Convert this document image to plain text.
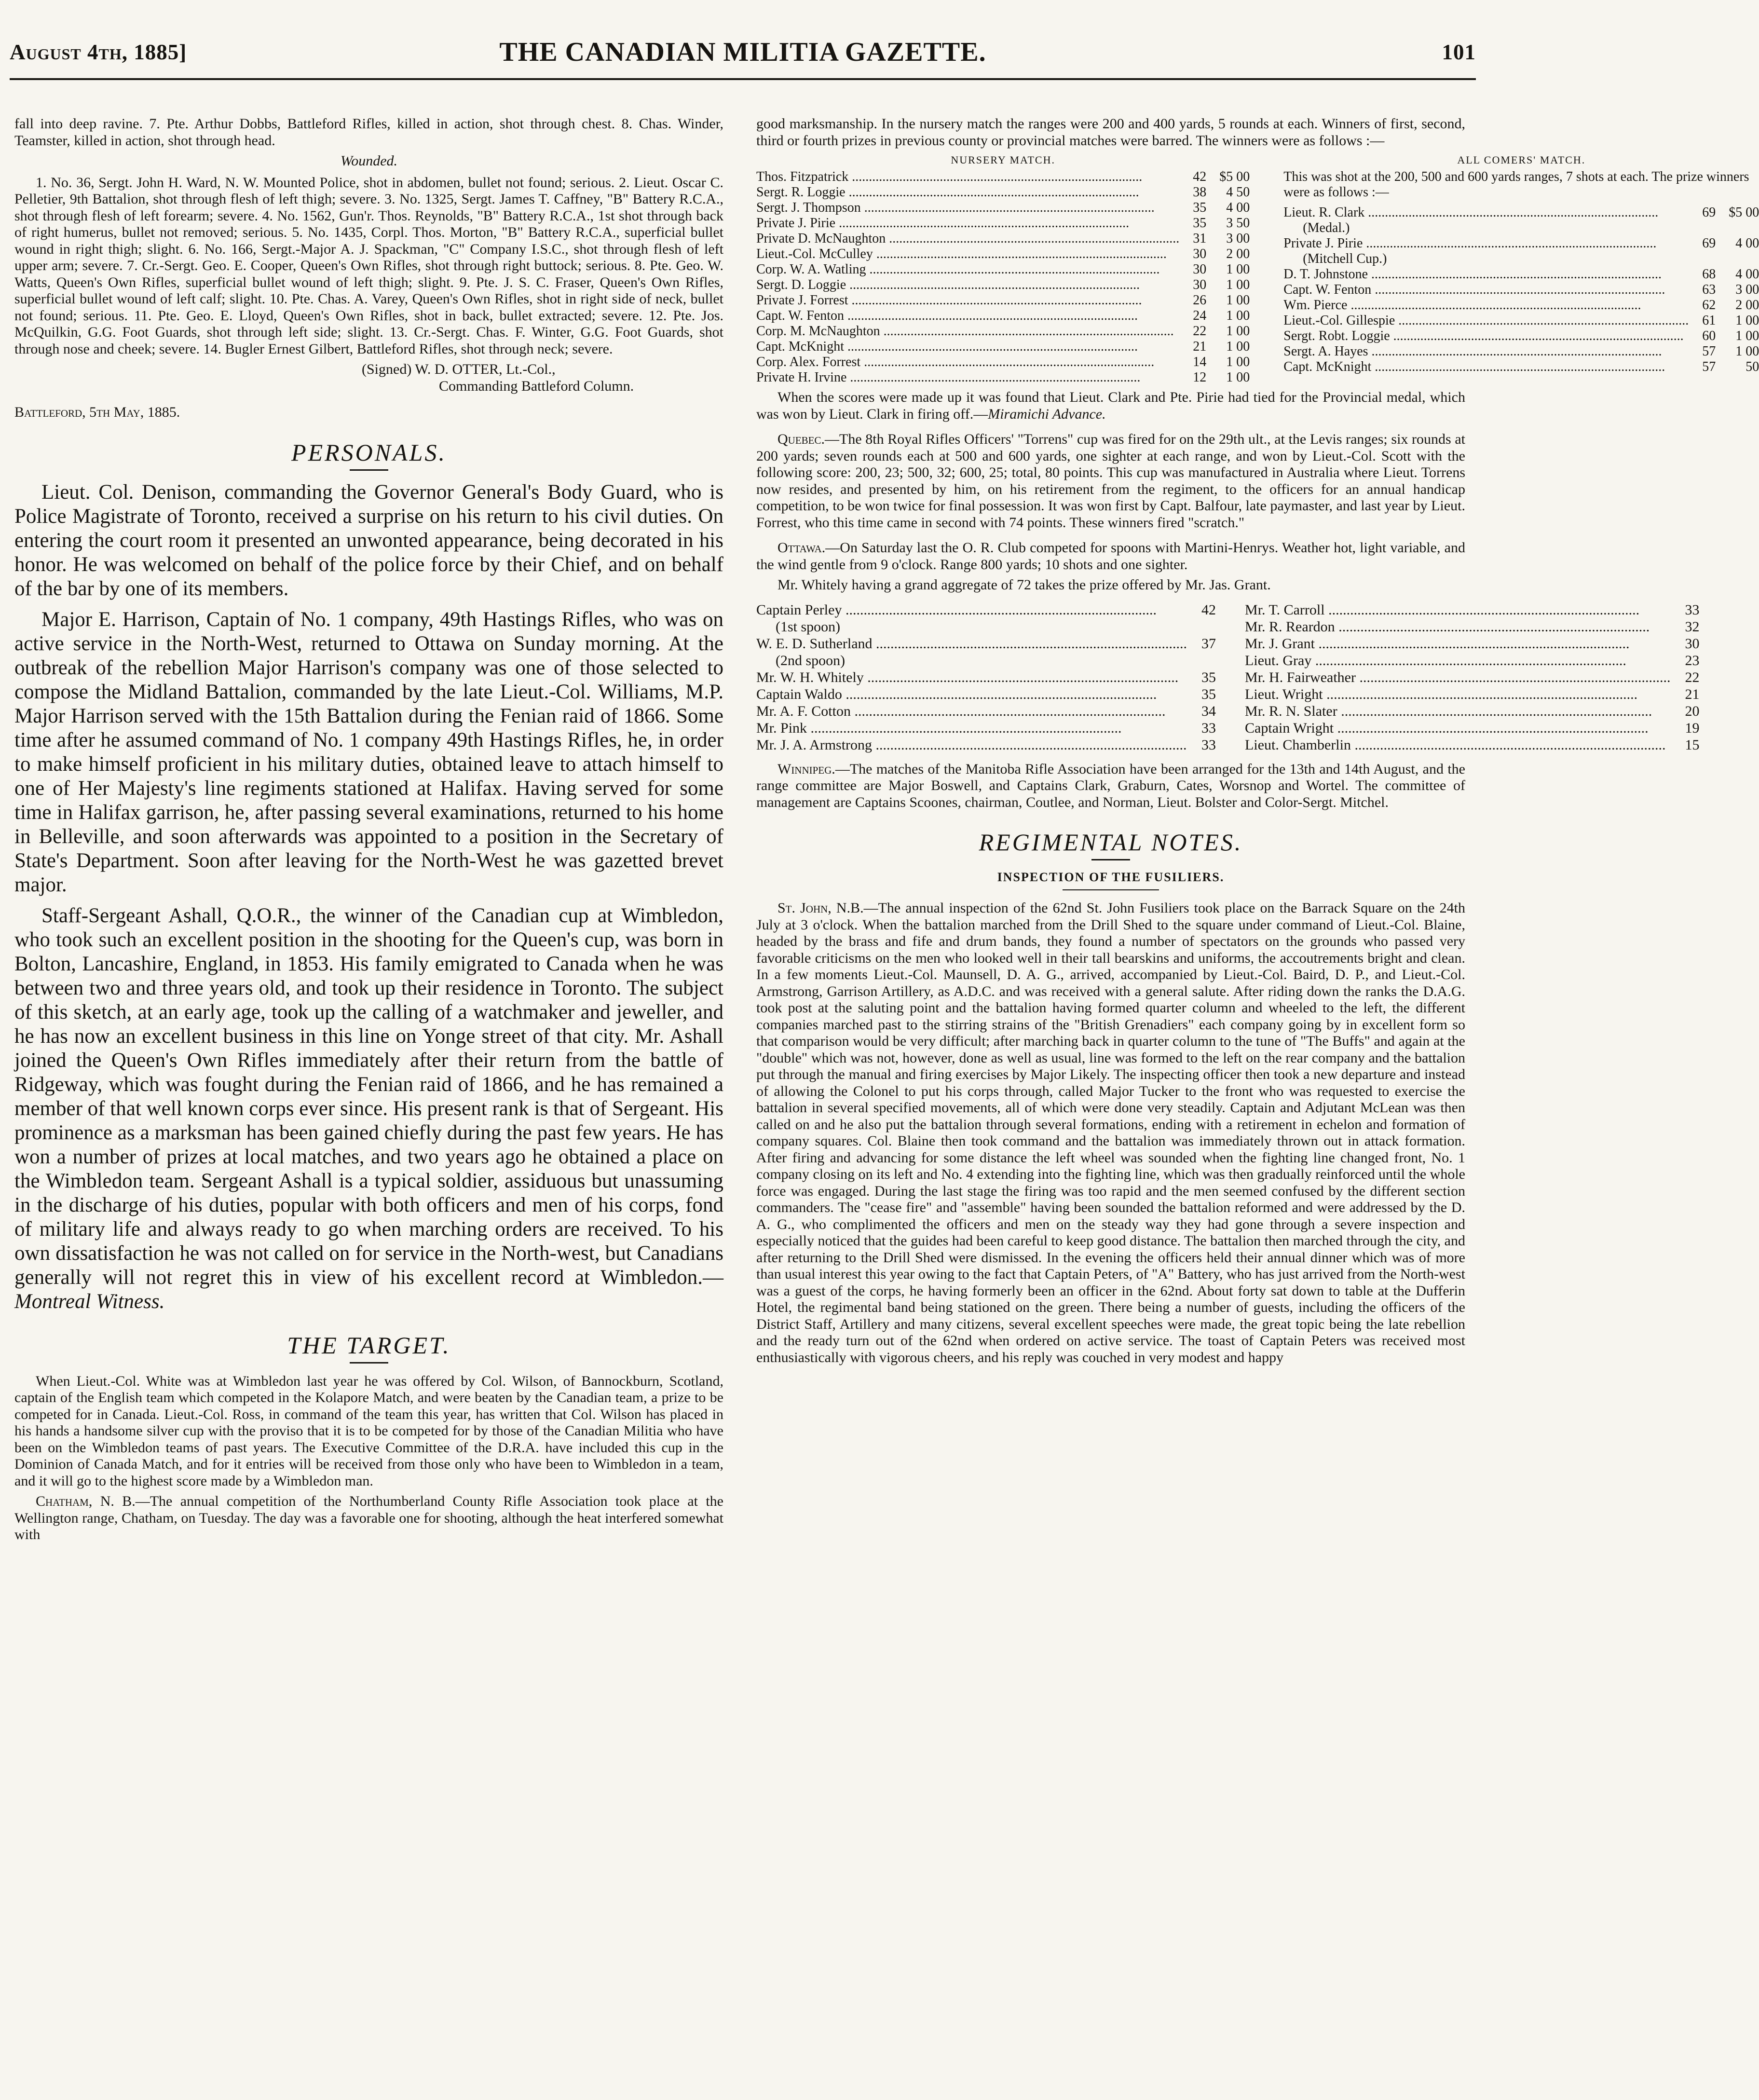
August 4th, 1885]	THE CANADIAN MILITIA GAZETTE.	101

fall into deep ravine. 7. Pte. Arthur Dobbs, Battleford Rifles, killed in action, shot through chest. 8. Chas. Winder, Teamster, killed in action, shot through head.

Wounded.

1. No. 36, Sergt. John H. Ward, N. W. Mounted Police, shot in abdomen, bullet not found; serious. 2. Lieut. Oscar C. Pelletier, 9th Battalion, shot through flesh of left thigh; severe. 3. No. 1325, Sergt. James T. Caffney, "B" Battery R.C.A., shot through flesh of left forearm; severe. 4. No. 1562, Gun'r. Thos. Reynolds, "B" Battery R.C.A., 1st shot through back of right humerus, bullet not removed; serious. 5. No. 1435, Corpl. Thos. Morton, "B" Battery R.C.A., superficial bullet wound in right thigh; slight. 6. No. 166, Sergt.-Major A. J. Spackman, "C" Company I.S.C., shot through flesh of left upper arm; severe. 7. Cr.-Sergt. Geo. E. Cooper, Queen's Own Rifles, shot through right buttock; serious. 8. Pte. Geo. W. Watts, Queen's Own Rifles, superficial bullet wound of left thigh; slight. 9. Pte. J. S. C. Fraser, Queen's Own Rifles, superficial bullet wound of left calf; slight. 10. Pte. Chas. A. Varey, Queen's Own Rifles, shot in right side of neck, bullet not found; serious. 11. Pte. Geo. E. Lloyd, Queen's Own Rifles, shot in back, bullet extracted; severe. 12. Pte. Jos. McQuilkin, G.G. Foot Guards, shot through left side; slight. 13. Cr.-Sergt. Chas. F. Winter, G.G. Foot Guards, shot through nose and cheek; severe. 14. Bugler Ernest Gilbert, Battleford Rifles, shot through neck; severe.

(Signed) W. D. OTTER, Lt.-Col.,
Commanding Battleford Column.
Battleford, 5th May, 1885.
PERSONALS.

Lieut. Col. Denison, commanding the Governor General's Body Guard, who is Police Magistrate of Toronto, received a surprise on his return to his civil duties. On entering the court room it presented an unwonted appearance, being decorated in his honor. He was welcomed on behalf of the police force by their Chief, and on behalf of the bar by one of its members.

Major E. Harrison, Captain of No. 1 company, 49th Hastings Rifles, who was on active service in the North-West, returned to Ottawa on Sunday morning. At the outbreak of the rebellion Major Harrison's company was one of those selected to compose the Midland Battalion, commanded by the late Lieut.-Col. Williams, M.P. Major Harrison served with the 15th Battalion during the Fenian raid of 1866. Some time after he assumed command of No. 1 company 49th Hastings Rifles, he, in order to make himself proficient in his military duties, obtained leave to attach himself to one of Her Majesty's line regiments stationed at Halifax. Having served for some time in Halifax garrison, he, after passing several examinations, returned to his home in Belleville, and soon afterwards was appointed to a position in the Secretary of State's Department. Soon after leaving for the North-West he was gazetted brevet major.

Staff-Sergeant Ashall, Q.O.R., the winner of the Canadian cup at Wimbledon, who took such an excellent position in the shooting for the Queen's cup, was born in Bolton, Lancashire, England, in 1853. His family emigrated to Canada when he was between two and three years old, and took up their residence in Toronto. The subject of this sketch, at an early age, took up the calling of a watchmaker and jeweller, and he has now an excellent business in this line on Yonge street of that city. Mr. Ashall joined the Queen's Own Rifles immediately after their return from the battle of Ridgeway, which was fought during the Fenian raid of 1866, and he has remained a member of that well known corps ever since. His present rank is that of Sergeant. His prominence as a marksman has been gained chiefly during the past few years. He has won a number of prizes at local matches, and two years ago he obtained a place on the Wimbledon team. Sergeant Ashall is a typical soldier, assiduous but unassuming in the discharge of his duties, popular with both officers and men of his corps, fond of military life and always ready to go when marching orders are received. To his own dissatisfaction he was not called on for service in the North-west, but Canadians generally will not regret this in view of his excellent record at Wimbledon.—Montreal Witness.

THE TARGET.

When Lieut.-Col. White was at Wimbledon last year he was offered by Col. Wilson, of Bannockburn, Scotland, captain of the English team which competed in the Kolapore Match, and were beaten by the Canadian team, a prize to be competed for in Canada. Lieut.-Col. Ross, in command of the team this year, has written that Col. Wilson has placed in his hands a handsome silver cup with the proviso that it is to be competed for by those of the Canadian Militia who have been on the Wimbledon teams of past years. The Executive Committee of the D.R.A. have included this cup in the Dominion of Canada Match, and for it entries will be received from those only who have been to Wimbledon in a team, and it will go to the highest score made by a Wimbledon man.

Chatham, N. B.—The annual competition of the Northumberland County Rifle Association took place at the Wellington range, Chatham, on Tuesday. The day was a favorable one for shooting, although the heat interfered somewhat with

good marksmanship. In the nursery match the ranges were 200 and 400 yards, 5 rounds at each. Winners of first, second, third or fourth prizes in previous county or provincial matches were barred. The winners were as follows :—

NURSERY MATCH.
Thos. Fitzpatrick .....	42 $5 00
Sergt. R. Loggie .....	38	4 50
Sergt. J. Thompson .....	35	4 00
Private J. Pirie .....	35	3 50
Private D. McNaughton .....	31	3 00
Lieut.-Col. McCulley .....	30	2 00
Corp. W. A. Watling .....	30	1 00
Sergt. D. Loggie .....	30	1 00
Private J. Forrest .....	26	1 00
Capt. W. Fenton .....	24	1 00
Corp. M. McNaughton .....	22	1 00
Capt. McKnight .....	21	1 00
Corp. Alex. Forrest .....	14	1 00
Private H. Irvine .....	12	1 00
ALL COMERS' MATCH.
This was shot at the 200, 500 and 600 yards ranges, 7 shots at each. The prize winners were as follows :—
Lieut. R. Clark .....	69 $5 00
(Medal.)
Private J. Pirie .....	69	4 00
(Mitchell Cup.)
D. T. Johnstone .....	68	4 00
Capt. W. Fenton .....	63	3 00
Wm. Pierce .....	62	2 00
Lieut.-Col. Gillespie .....	61	1 00
Sergt. Robt. Loggie .....	60	1 00
Sergt. A. Hayes .....	57	1 00
Capt. McKnight .....	57	50

When the scores were made up it was found that Lieut. Clark and Pte. Pirie had tied for the Provincial medal, which was won by Lieut. Clark in firing off.—Miramichi Advance.

Quebec.—The 8th Royal Rifles Officers' "Torrens" cup was fired for on the 29th ult., at the Levis ranges; six rounds at 200 yards; seven rounds each at 500 and 600 yards, one sighter at each range, and won by Lieut.-Col. Scott with the following score: 200, 23; 500, 32; 600, 25; total, 80 points. This cup was manufactured in Australia where Lieut. Torrens now resides, and presented by him, on his retirement from the regiment, to the officers for an annual handicap competition, to be won twice for final possession. It was won first by Capt. Balfour, late paymaster, and last year by Lieut. Forrest, who this time came in second with 74 points. These winners fired "scratch."

Ottawa.—On Saturday last the O. R. Club competed for spoons with Martini-Henrys. Weather hot, light variable, and the wind gentle from 9 o'clock. Range 800 yards; 10 shots and one sighter.

Mr. Whitely having a grand aggregate of 72 takes the prize offered by Mr. Jas. Grant.

Captain Perley .....	42
(1st spoon)
W. E. D. Sutherland .....	37
(2nd spoon)
Mr. W. H. Whitely .....	35
Captain Waldo .....	35
Mr. A. F. Cotton .....	34
Mr. Pink .....	33
Mr. J. A. Armstrong .....	33
Mr. T. Carroll .....	33
Mr. R. Reardon .....	32
Mr. J. Grant .....	30
Lieut. Gray .....	23
Mr. H. Fairweather .....	22
Lieut. Wright .....	21
Mr. R. N. Slater .....	20
Captain Wright .....	19
Lieut. Chamberlin .....	15

Winnipeg.—The matches of the Manitoba Rifle Association have been arranged for the 13th and 14th August, and the range committee are Major Boswell, and Captains Clark, Graburn, Cates, Worsnop and Wortel. The committee of management are Captains Scoones, chairman, Coutlee, and Norman, Lieut. Bolster and Color-Sergt. Mitchel.

REGIMENTAL NOTES.
INSPECTION OF THE FUSILIERS.

St. John, N.B.—The annual inspection of the 62nd St. John Fusiliers took place on the Barrack Square on the 24th July at 3 o'clock. When the battalion marched from the Drill Shed to the square under command of Lieut.-Col. Blaine, headed by the brass and fife and drum bands, they found a number of spectators on the grounds who passed very favorable criticisms on the men who looked well in their tall bearskins and uniforms, the accoutrements bright and clean. In a few moments Lieut.-Col. Maunsell, D. A. G., arrived, accompanied by Lieut.-Col. Baird, D. P., and Lieut.-Col. Armstrong, Garrison Artillery, as A.D.C. and was received with a general salute. After riding down the ranks the D.A.G. took post at the saluting point and the battalion having formed quarter column and wheeled to the left, the different companies marched past to the stirring strains of the "British Grenadiers" each company going by in excellent form so that comparison would be very difficult; after marching back in quarter column to the tune of "The Buffs" and again at the "double" which was not, however, done as well as usual, line was formed to the left on the rear company and the battalion put through the manual and firing exercises by Major Likely. The inspecting officer then took a new departure and instead of allowing the Colonel to put his corps through, called Major Tucker to the front who was requested to exercise the battalion in several specified movements, all of which were done very steadily. Captain and Adjutant McLean was then called on and he also put the battalion through several formations, ending with a retirement in echelon and formation of company squares. Col. Blaine then took command and the battalion was immediately thrown out in attack formation. After firing and advancing for some distance the left wheel was sounded when the fighting line changed front, No. 1 company closing on its left and No. 4 extending into the fighting line, which was then gradually reinforced until the whole force was engaged. During the last stage the firing was too rapid and the men seemed confused by the different section commanders. The "cease fire" and "assemble" having been sounded the battalion reformed and were addressed by the D. A. G., who complimented the officers and men on the steady way they had gone through a severe inspection and especially noticed that the guides had been careful to keep good distance. The battalion then marched through the city, and after returning to the Drill Shed were dismissed. In the evening the officers held their annual dinner which was of more than usual interest this year owing to the fact that Captain Peters, of "A" Battery, who has just arrived from the North-west was a guest of the corps, he having formerly been an officer in the 62nd. About forty sat down to table at the Dufferin Hotel, the regimental band being stationed on the green. There being a number of guests, including the officers of the District Staff, Artillery and many citizens, several excellent speeches were made, the great topic being the late rebellion and the ready turn out of the 62nd when ordered on active service. The toast of Captain Peters was received most enthusiastically with vigorous cheers, and his reply was couched in very modest and happy
